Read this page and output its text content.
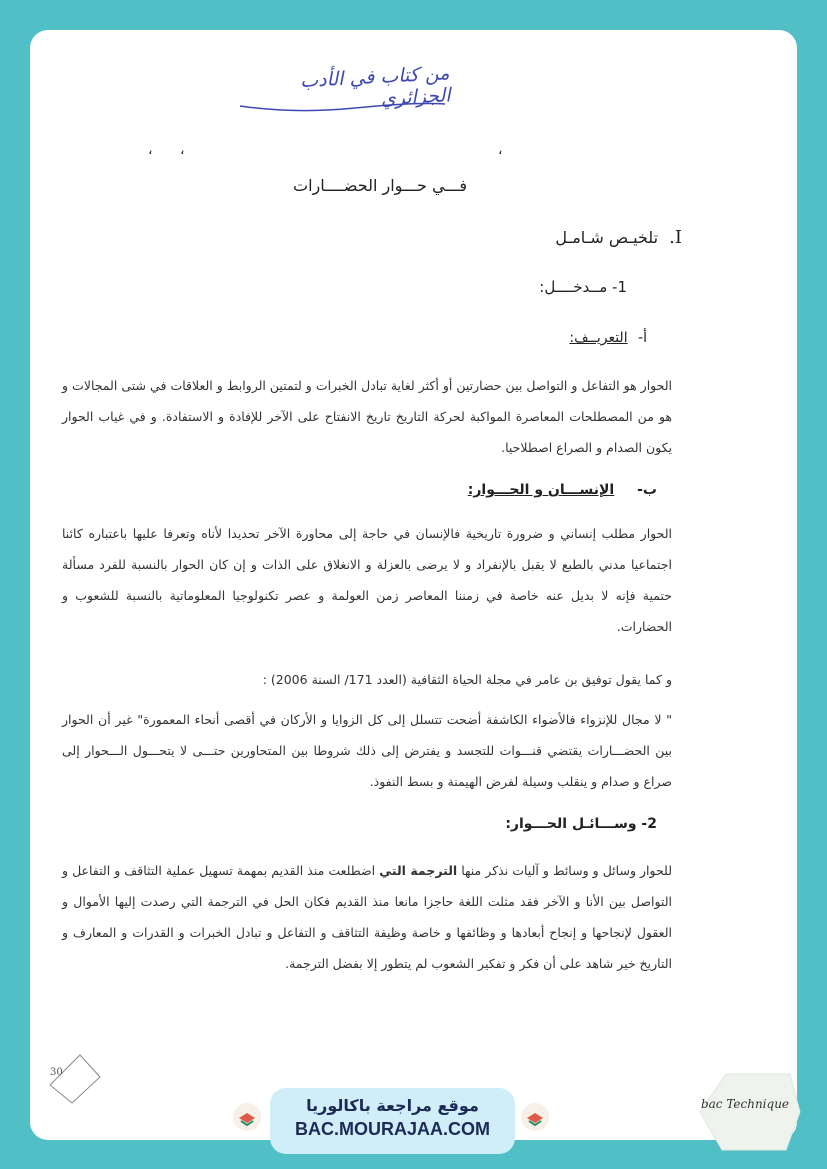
من كتاب في الأدب الجزائري
، ،	،
فـــي حـــوار الحضــــارات
I. تلخيـص شـامـل
1- مــدخــــل:
أ- التعريــف:
الحوار هو التفاعل و التواصل بين حضارتين أو أكثر لغاية تبادل الخبرات و لتمتين الروابط و العلاقات في شتى المجالات و هو من المصطلحات المعاصرة المواكبة لحركة التاريخ تاريخ الانفتاح على الآخر للإفادة و الاستفادة. و في غياب الحوار يكون الصدام و الصراع اصطلاحيا.
ب- الإنســـان و الحـــوار:
الحوار مطلب إنساني و ضرورة تاريخية فالإنسان في حاجة إلى محاورة الآخر تحديدا لأناه وتعرفا عليها باعتباره كائنا اجتماعيا مدني بالطبع لا يقبل بالإنفراد و لا يرضى بالعزلة و الانغلاق على الذات و إن كان الحوار بالنسبة للفرد مسألة حتمية فإنه لا بديل عنه خاصة في زمننا المعاصر زمن العولمة و عصر تكنولوجيا المعلوماتية بالنسبة للشعوب و الحضارات.
و كما يقول توفيق بن عامر في مجلة الحياة الثقافية (العدد 171/ السنة 2006) :
" لا مجال للإنزواء فالأضواء الكاشفة أضحت تتسلل إلى كل الزوايا و الأركان في أقصى أنحاء المعمورة" غير أن الحوار بين الحضـــارات يقتضي قنـــوات للتجسد و يفترض إلى ذلك شروطا بين المتحاورين حتـــى لا يتحـــول الـــحوار إلى صراع و صدام و ينقلب وسيلة لفرض الهيمنة و بسط النفوذ.
2- وســـائـل الحـــوار:
للحوار وسائل و وسائط و آليات نذكر منها الترجمة التي اضطلعت منذ القديم بمهمة تسهيل عملية التثاقف و التفاعل و التواصل بين الأنا و الآخر فقد مثلت اللغة حاجزا مانعا منذ القديم فكان الحل في الترجمة التي رصدت إليها الأموال و العقول لإنجاحها و إنجاح أبعادها و وظائفها و خاصة وظيفة التثاقف و التفاعل و تبادل الخبرات و القدرات و المعارف و التاريخ خير شاهد على أن فكر و تفكير الشعوب لم يتطور إلا بفضل الترجمة.
30
موقع مراجعة باكالوريا
BAC.MOURAJAA.COM
bac Technique
